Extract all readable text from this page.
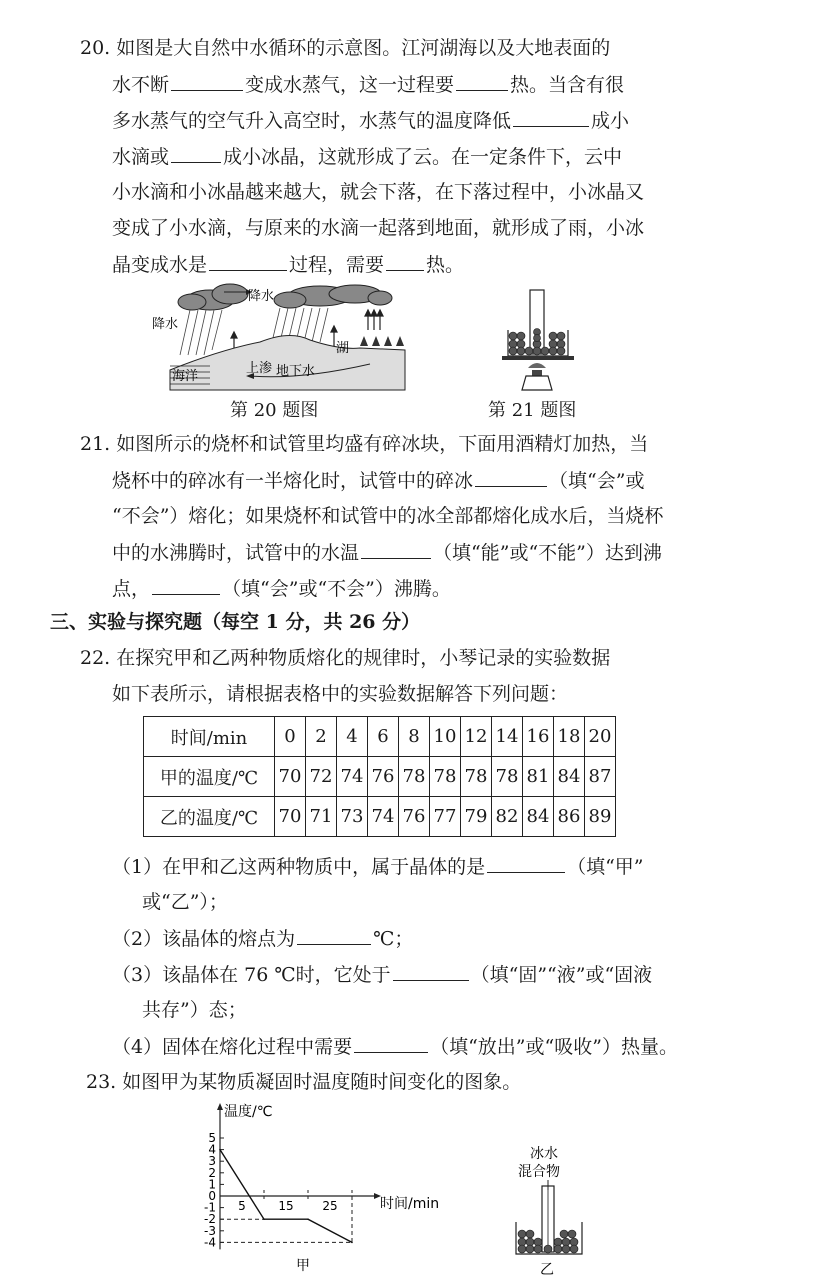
20. 如图是大自然中水循环的示意图。江河湖海以及大地表面的
水不断	变成水蒸气，这一过程要	热。当含有很
多水蒸气的空气升入高空时，水蒸气的温度降低	成小
水滴或	成小冰晶，这就形成了云。在一定条件下，云中
小水滴和小冰晶越来越大，就会下落，在下落过程中，小冰晶又
变成了小水滴，与原来的水滴一起落到地面，就形成了雨，小冰
晶变成水是	过程，需要 热。
降水
降水
湖
海洋
上渗 地下水
第 20 题图	第 21 题图
21. 如图所示的烧杯和试管里均盛有碎冰块，下面用酒精灯加热，当
烧杯中的碎冰有一半熔化时，试管中的碎冰	（填“会”或
“不会”）熔化；如果烧杯和试管中的冰全部都熔化成水后，当烧杯
中的水沸腾时，试管中的水温	（填“能”或“不能”）达到沸
点，	（填“会”或“不会”）沸腾。
三、实验与探究题（每空 1 分，共 26 分）
22. 在探究甲和乙两种物质熔化的规律时，小琴记录的实验数据
如下表所示，请根据表格中的实验数据解答下列问题：
时间/min	0	2	4	6	8	10	12	14	16	18	20
甲的温度/℃	70	72	74	76	78	78	78	78	81	84	87
乙的温度/℃	70	71	73	74	76	77	79	82	84	86	89
（1）在甲和乙这两种物质中，属于晶体的是	（填“甲”
或“乙”）；
（2）该晶体的熔点为	℃；
（3）该晶体在 76 ℃时，它处于	（填“固”“液”或“固液
共存”）态；
（4）固体在熔化过程中需要	（填“放出”或“吸收”）热量。
23. 如图甲为某物质凝固时温度随时间变化的图象。
5
4
3
2
1
0
-1
-2
-3
-4
5	15 25
温度/℃
时间/min
甲
冰水
混合物
乙
